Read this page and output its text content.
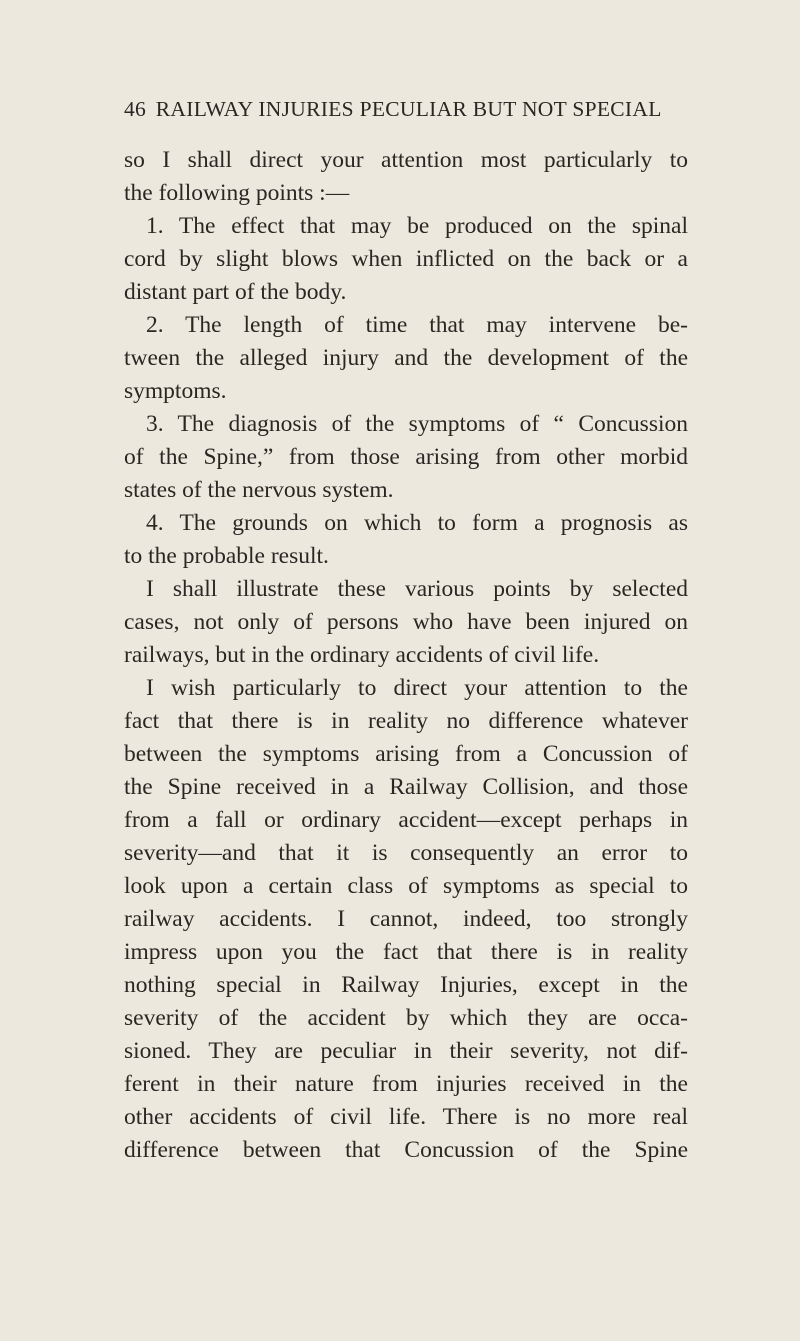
46 RAILWAY INJURIES PECULIAR BUT NOT SPECIAL
so I shall direct your attention most particularly to
the following points :—
1. The effect that may be produced on the spinal
cord by slight blows when inflicted on the back or a
distant part of the body.
2. The length of time that may intervene be-
tween the alleged injury and the development of the
symptoms.
3. The diagnosis of the symptoms of “ Concussion
of the Spine,” from those arising from other morbid
states of the nervous system.
4. The grounds on which to form a prognosis as
to the probable result.
I shall illustrate these various points by selected
cases, not only of persons who have been injured on
railways, but in the ordinary accidents of civil life.
I wish particularly to direct your attention to the
fact that there is in reality no difference whatever
between the symptoms arising from a Concussion of
the Spine received in a Railway Collision, and those
from a fall or ordinary accident—except perhaps in
severity—and that it is consequently an error to
look upon a certain class of symptoms as special to
railway accidents. I cannot, indeed, too strongly
impress upon you the fact that there is in reality
nothing special in Railway Injuries, except in the
severity of the accident by which they are occa-
sioned. They are peculiar in their severity, not dif-
ferent in their nature from injuries received in the
other accidents of civil life. There is no more real
difference between that Concussion of the Spine
